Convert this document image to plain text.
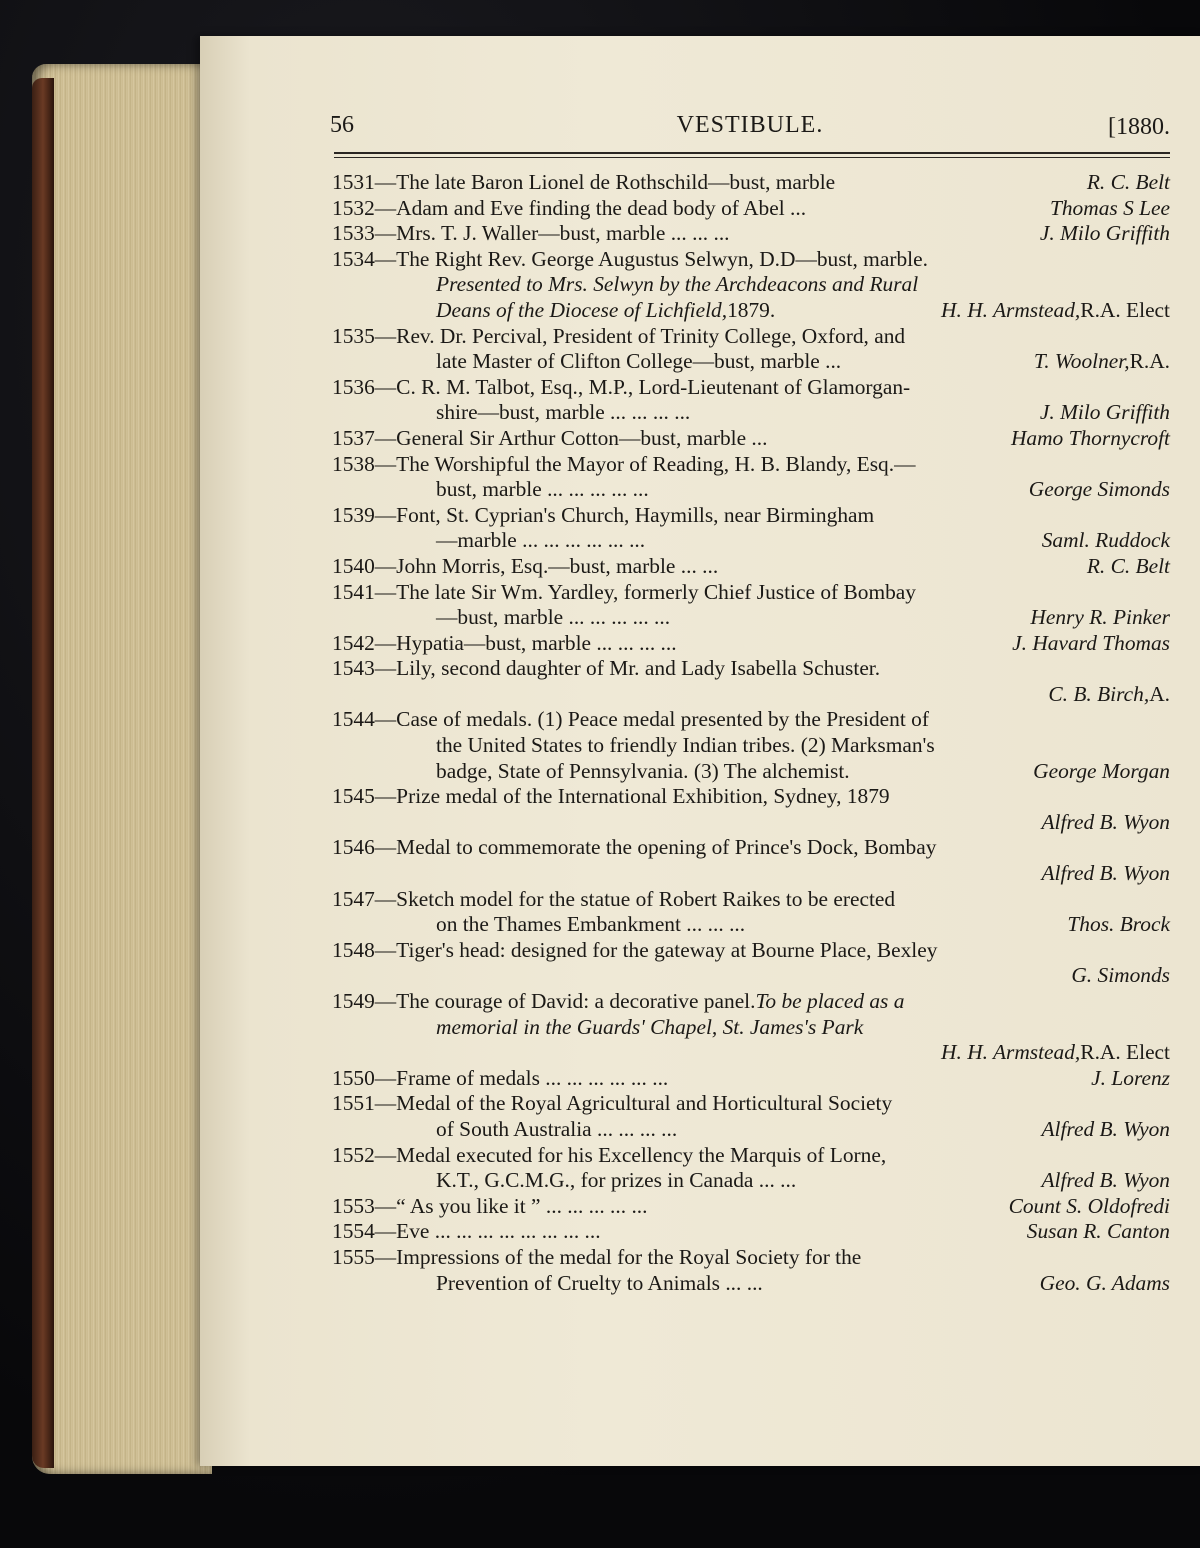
56	VESTIBULE.	[1880.
1531—The late Baron Lionel de Rothschild—bust, marble	R. C. Belt
1532—Adam and Eve finding the dead body of Abel ...	Thomas S Lee
1533—Mrs. T. J. Waller—bust, marble ... ... ...	J. Milo Griffith
1534—The Right Rev. George Augustus Selwyn, D.D—bust, marble.
Presented to Mrs. Selwyn by the Archdeacons and Rural
Deans of the Diocese of Lichfield, 1879.	H. H. Armstead, R.A. Elect
1535—Rev. Dr. Percival, President of Trinity College, Oxford, and
late Master of Clifton College—bust, marble ...	T. Woolner, R.A.
1536—C. R. M. Talbot, Esq., M.P., Lord-Lieutenant of Glamorgan-
shire—bust, marble ... ... ... ...	J. Milo Griffith
1537—General Sir Arthur Cotton—bust, marble ...	Hamo Thornycroft
1538—The Worshipful the Mayor of Reading, H. B. Blandy, Esq.—
bust, marble ... ... ... ... ...	George Simonds
1539—Font, St. Cyprian's Church, Haymills, near Birmingham
—marble ... ... ... ... ... ...	Saml. Ruddock
1540—John Morris, Esq.—bust, marble ... ...	R. C. Belt
1541—The late Sir Wm. Yardley, formerly Chief Justice of Bombay
—bust, marble ... ... ... ... ...	Henry R. Pinker
1542—Hypatia—bust, marble ... ... ... ...	J. Havard Thomas
1543—Lily, second daughter of Mr. and Lady Isabella Schuster.
C. B. Birch, A.
1544—Case of medals. (1) Peace medal presented by the President of
the United States to friendly Indian tribes. (2) Marksman's
badge, State of Pennsylvania. (3) The alchemist.	George Morgan
1545—Prize medal of the International Exhibition, Sydney, 1879
Alfred B. Wyon
1546—Medal to commemorate the opening of Prince's Dock, Bombay
Alfred B. Wyon
1547—Sketch model for the statue of Robert Raikes to be erected
on the Thames Embankment ... ... ...	Thos. Brock
1548—Tiger's head: designed for the gateway at Bourne Place, Bexley
G. Simonds
1549—The courage of David: a decorative panel. To be placed as a
memorial in the Guards' Chapel, St. James's Park
H. H. Armstead, R.A. Elect
1550—Frame of medals ... ... ... ... ... ...	J. Lorenz
1551—Medal of the Royal Agricultural and Horticultural Society
of South Australia ... ... ... ...	Alfred B. Wyon
1552—Medal executed for his Excellency the Marquis of Lorne,
K.T., G.C.M.G., for prizes in Canada ... ...	Alfred B. Wyon
1553—“ As you like it ” ... ... ... ... ...	Count S. Oldofredi
1554—Eve ... ... ... ... ... ... ... ...	Susan R. Canton
1555—Impressions of the medal for the Royal Society for the
Prevention of Cruelty to Animals ... ...	Geo. G. Adams
